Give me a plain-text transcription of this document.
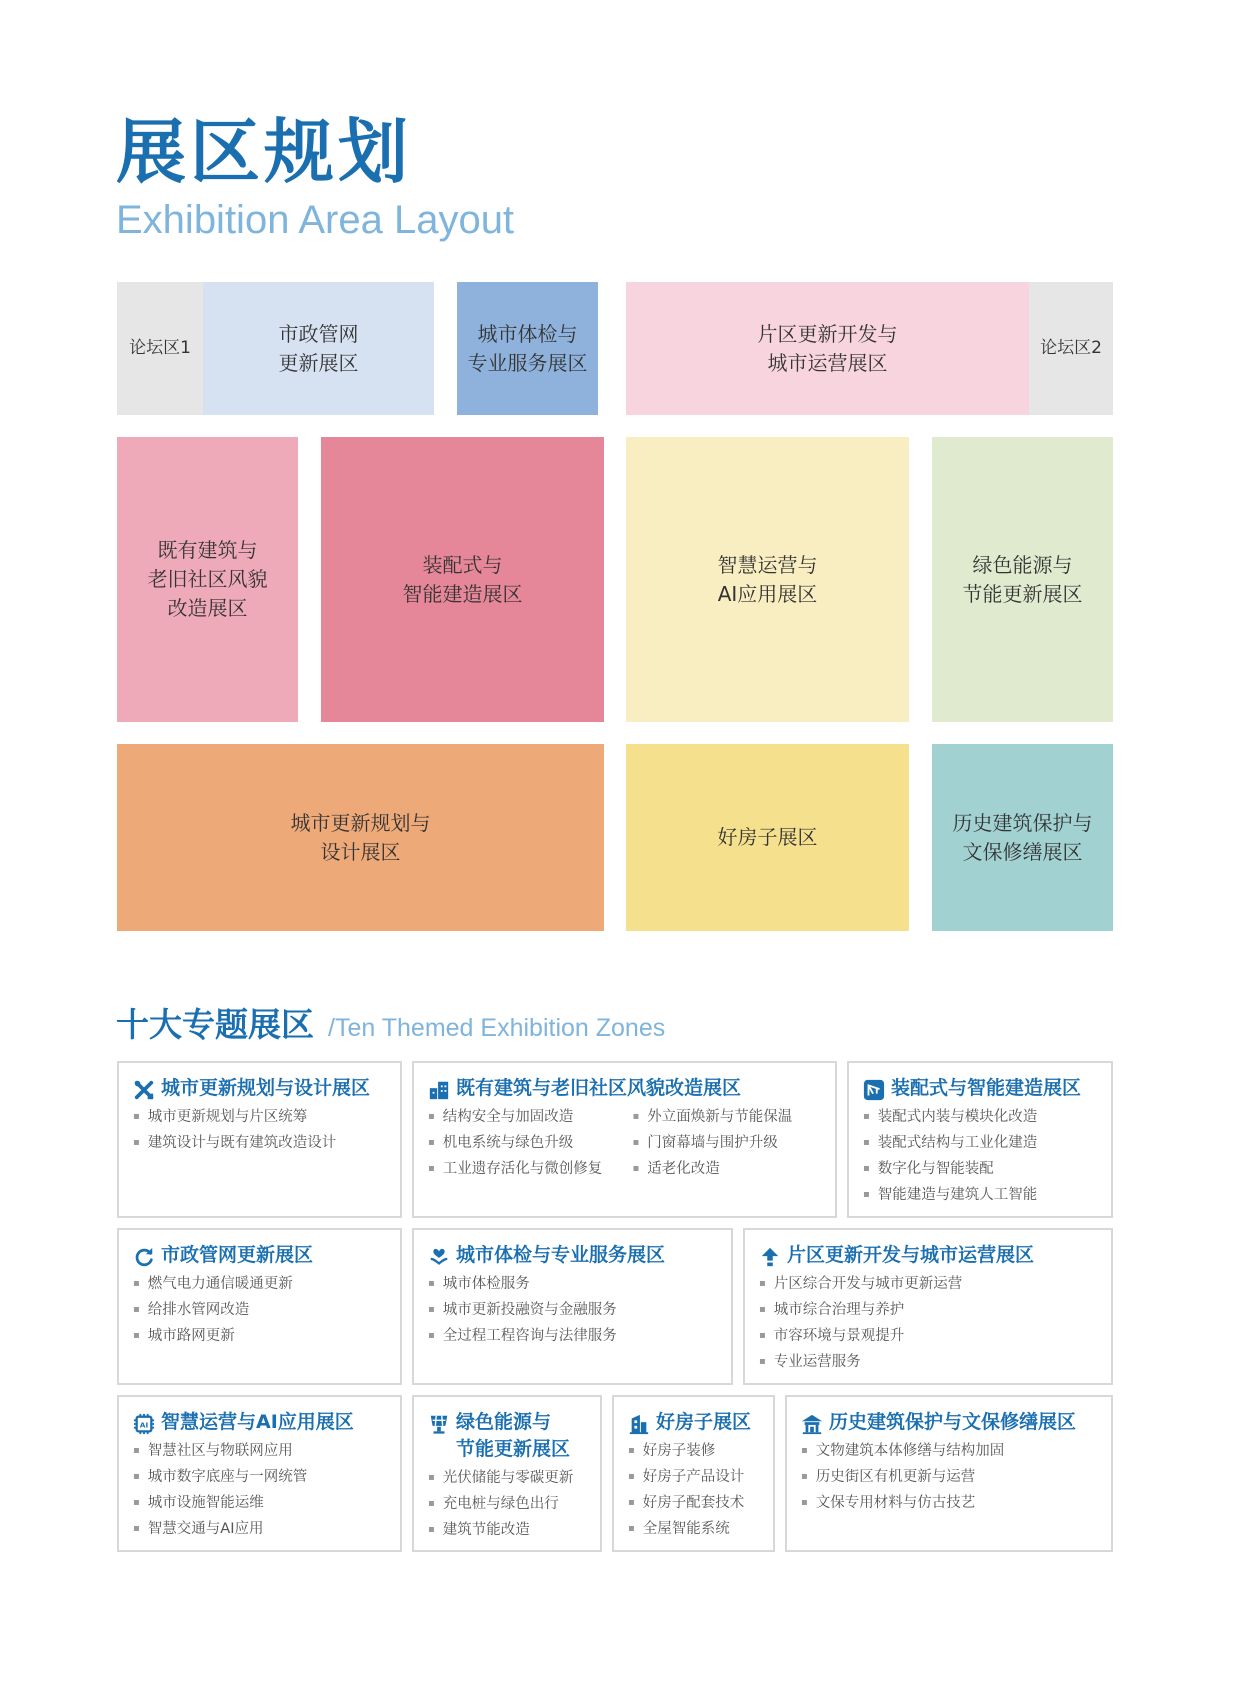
展区规划
Exhibition Area Layout
论坛区1
市政管网
更新展区
城市体检与
专业服务展区
片区更新开发与
城市运营展区
论坛区2
既有建筑与
老旧社区风貌
改造展区
装配式与
智能建造展区
智慧运营与
AI应用展区
绿色能源与
节能更新展区
城市更新规划与
设计展区
好房子展区
历史建筑保护与
文保修缮展区
十大专题展区 /Ten Themed Exhibition Zones
城市更新规划与设计展区
▪ 城市更新规划与片区统筹
▪ 建筑设计与既有建筑改造设计
既有建筑与老旧社区风貌改造展区
▪ 结构安全与加固改造	▪ 外立面焕新与节能保温
▪ 机电系统与绿色升级	▪ 门窗幕墙与围护升级
▪ 工业遗存活化与微创修复	▪ 适老化改造
装配式与智能建造展区
▪ 装配式内装与模块化改造
▪ 装配式结构与工业化建造
▪ 数字化与智能装配
▪ 智能建造与建筑人工智能
市政管网更新展区
▪ 燃气电力通信暖通更新
▪ 给排水管网改造
▪ 城市路网更新
城市体检与专业服务展区
▪ 城市体检服务
▪ 城市更新投融资与金融服务
▪ 全过程工程咨询与法律服务
片区更新开发与城市运营展区
▪ 片区综合开发与城市更新运营
▪ 城市综合治理与养护
▪ 市容环境与景观提升
▪ 专业运营服务
AI 智慧运营与AI应用展区
▪ 智慧社区与物联网应用
▪ 城市数字底座与一网统管
▪ 城市设施智能运维
▪ 智慧交通与AI应用
绿色能源与
节能更新展区
▪ 光伏储能与零碳更新
▪ 充电桩与绿色出行
▪ 建筑节能改造
好房子展区
▪ 好房子装修
▪ 好房子产品设计
▪ 好房子配套技术
▪ 全屋智能系统
历史建筑保护与文保修缮展区
▪ 文物建筑本体修缮与结构加固
▪ 历史街区有机更新与运营
▪ 文保专用材料与仿古技艺
